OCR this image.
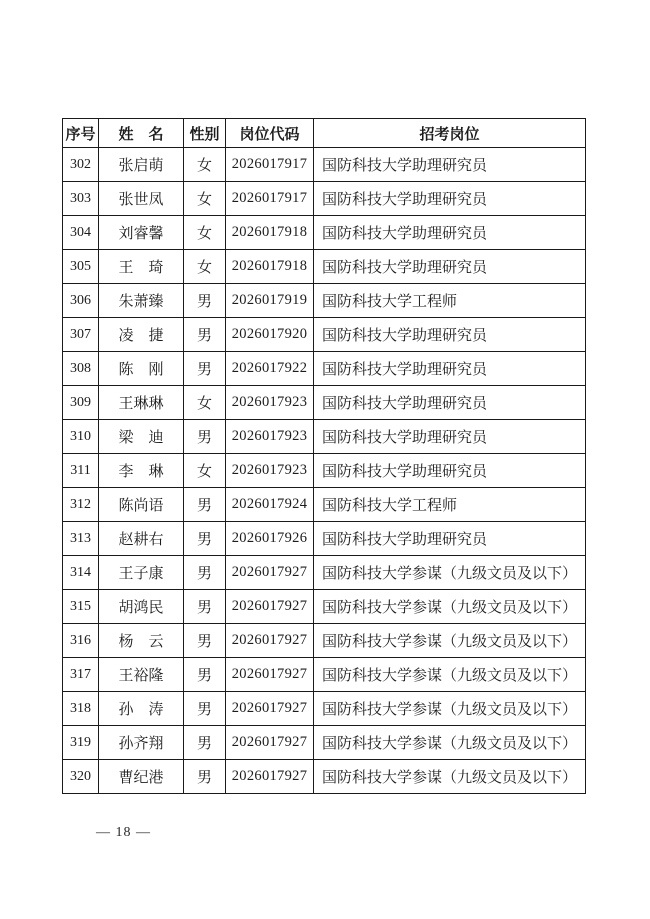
序号	姓　名	性别	岗位代码	招考岗位
302	张启萌	女	2026017917	国防科技大学助理研究员
303	张世凤	女	2026017917	国防科技大学助理研究员
304	刘睿馨	女	2026017918	国防科技大学助理研究员
305	王　琦	女	2026017918	国防科技大学助理研究员
306	朱萧臻	男	2026017919	国防科技大学工程师
307	凌　捷	男	2026017920	国防科技大学助理研究员
308	陈　刚	男	2026017922	国防科技大学助理研究员
309	王琳琳	女	2026017923	国防科技大学助理研究员
310	梁　迪	男	2026017923	国防科技大学助理研究员
311	李　琳	女	2026017923	国防科技大学助理研究员
312	陈尚语	男	2026017924	国防科技大学工程师
313	赵耕右	男	2026017926	国防科技大学助理研究员
314	王子康	男	2026017927	国防科技大学参谋（九级文员及以下）
315	胡鸿民	男	2026017927	国防科技大学参谋（九级文员及以下）
316	杨　云	男	2026017927	国防科技大学参谋（九级文员及以下）
317	王裕隆	男	2026017927	国防科技大学参谋（九级文员及以下）
318	孙　涛	男	2026017927	国防科技大学参谋（九级文员及以下）
319	孙齐翔	男	2026017927	国防科技大学参谋（九级文员及以下）
320	曹纪港	男	2026017927	国防科技大学参谋（九级文员及以下）
— 18 —
